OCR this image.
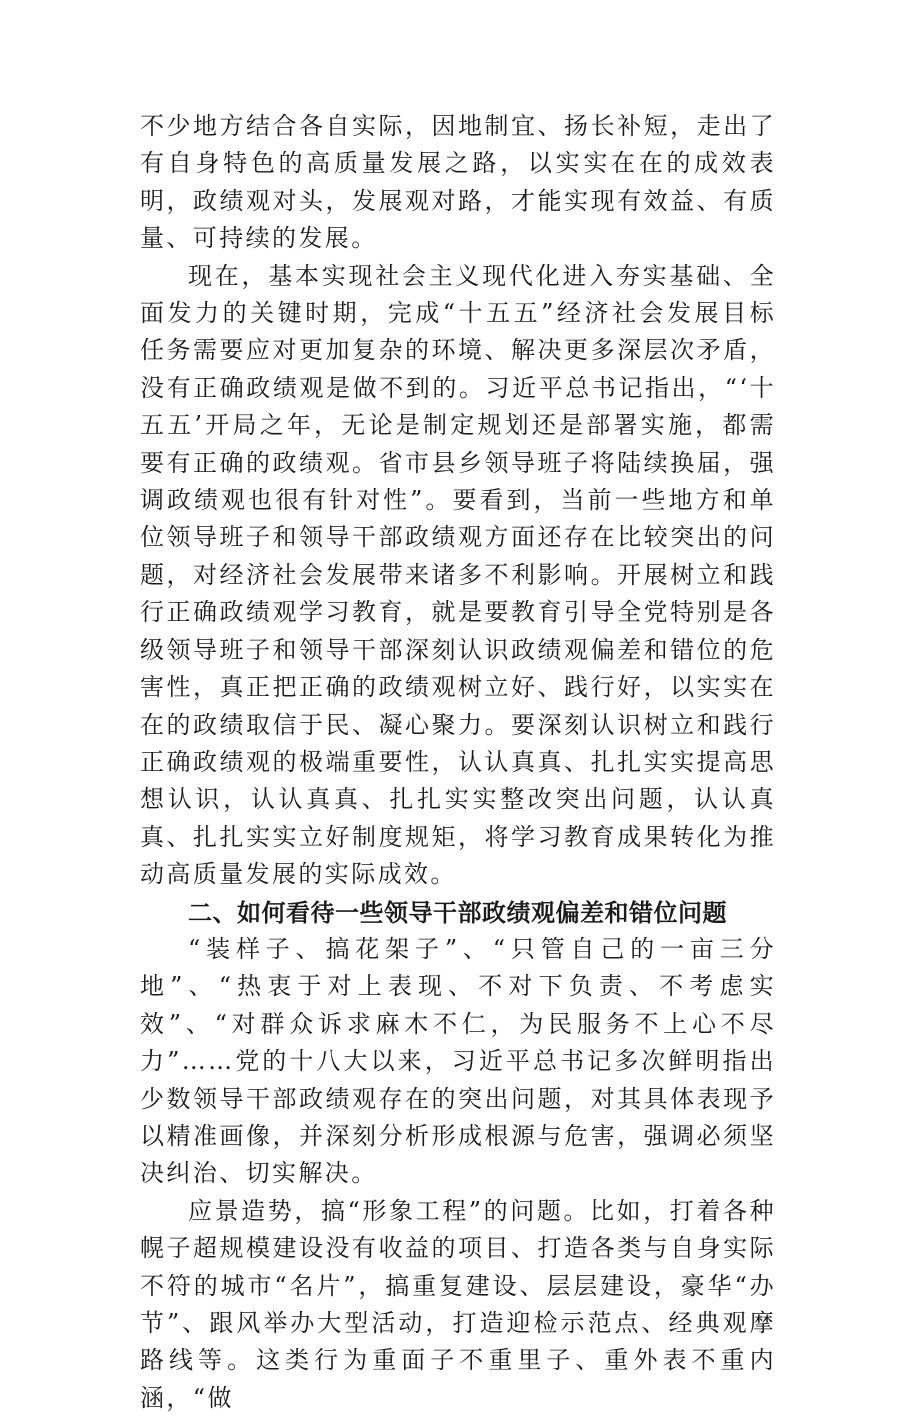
不少地方结合各自实际，因地制宜、扬长补短，走出了有自身特色的高质量发展之路，以实实在在的成效表明，政绩观对头，发展观对路，才能实现有效益、有质量、可持续的发展。

现在，基本实现社会主义现代化进入夯实基础、全面发力的关键时期，完成“十五五”经济社会发展目标任务需要应对更加复杂的环境、解决更多深层次矛盾，没有正确政绩观是做不到的。习近平总书记指出，“‘十五五’开局之年，无论是制定规划还是部署实施，都需要有正确的政绩观。省市县乡领导班子将陆续换届，强调政绩观也很有针对性”。要看到，当前一些地方和单位领导班子和领导干部政绩观方面还存在比较突出的问题，对经济社会发展带来诸多不利影响。开展树立和践行正确政绩观学习教育，就是要教育引导全党特别是各级领导班子和领导干部深刻认识政绩观偏差和错位的危害性，真正把正确的政绩观树立好、践行好，以实实在在的政绩取信于民、凝心聚力。要深刻认识树立和践行正确政绩观的极端重要性，认认真真、扎扎实实提高思想认识，认认真真、扎扎实实整改突出问题，认认真真、扎扎实实立好制度规矩，将学习教育成果转化为推动高质量发展的实际成效。

二、如何看待一些领导干部政绩观偏差和错位问题

“装样子、搞花架子”、“只管自己的一亩三分地”、“热衷于对上表现、不对下负责、不考虑实效”、“对群众诉求麻木不仁，为民服务不上心不尽力”……党的十八大以来，习近平总书记多次鲜明指出少数领导干部政绩观存在的突出问题，对其具体表现予以精准画像，并深刻分析形成根源与危害，强调必须坚决纠治、切实解决。

应景造势，搞“形象工程”的问题。比如，打着各种幌子超规模建设没有收益的项目、打造各类与自身实际不符的城市“名片”，搞重复建设、层层建设，豪华“办节”、跟风举办大型活动，打造迎检示范点、经典观摩路线等。这类行为重面子不重里子、重外表不重内涵，“做
